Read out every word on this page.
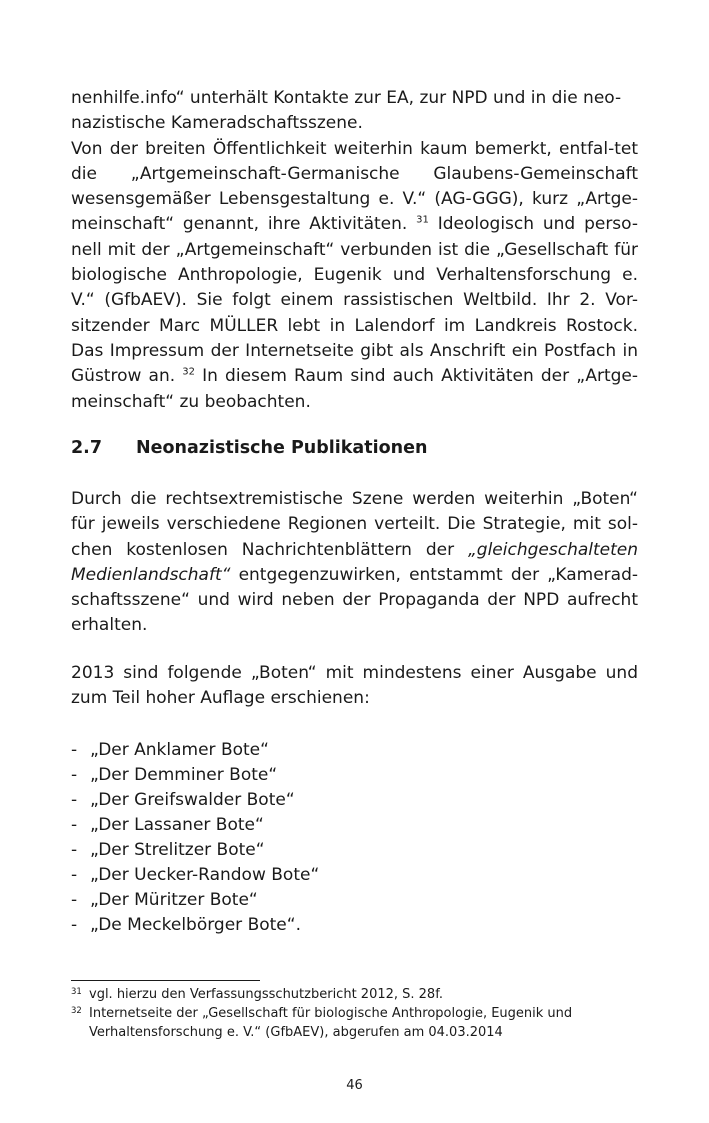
nenhilfe.info“ unterhält Kontakte zur EA, zur NPD und in die neo-
nazistische Kameradschaftsszene.

Von der breiten Öffentlichkeit weiterhin kaum bemerkt, entfal-tet die „Artgemeinschaft-Germanische Glaubens-Gemeinschaft wesensgemäßer Lebensgestaltung e. V.“ (AG-GGG), kurz „Artge-meinschaft“ genannt, ihre Aktivitäten. $^{31}$ Ideologisch und perso-nell mit der „Artgemeinschaft“ verbunden ist die „Gesellschaft für biologische Anthropologie, Eugenik und Verhaltensforschung e. V.“ (GfbAEV). Sie folgt einem rassistischen Weltbild. Ihr 2. Vor-sitzender Marc MÜLLER lebt in Lalendorf im Landkreis Rostock. Das Impressum der Internetseite gibt als Anschrift ein Postfach in Güstrow an. $^{32}$ In diesem Raum sind auch Aktivitäten der „Artge-meinschaft“ zu beobachten.

2.7 Neonazistische Publikationen

Durch die rechtsextremistische Szene werden weiterhin „Boten“ für jeweils verschiedene Regionen verteilt. Die Strategie, mit sol-chen kostenlosen Nachrichtenblättern der „gleichgeschalteten Medienlandschaft“ entgegenzuwirken, entstammt der „Kamerad-schaftsszene“ und wird neben der Propaganda der NPD aufrecht erhalten.

2013 sind folgende „Boten“ mit mindestens einer Ausgabe und zum Teil hoher Auflage erschienen:

- „Der Anklamer Bote“
- „Der Demminer Bote“
- „Der Greifswalder Bote“
- „Der Lassaner Bote“
- „Der Strelitzer Bote“
- „Der Uecker-Randow Bote“
- „Der Müritzer Bote“
- „De Meckelbörger Bote“.

31 vgl. hierzu den Verfassungsschutzbericht 2012, S. 28f.

32 Internetseite der „Gesellschaft für biologische Anthropologie, Eugenik und Verhaltensforschung e. V.“ (GfbAEV), abgerufen am 04.03.2014

46
